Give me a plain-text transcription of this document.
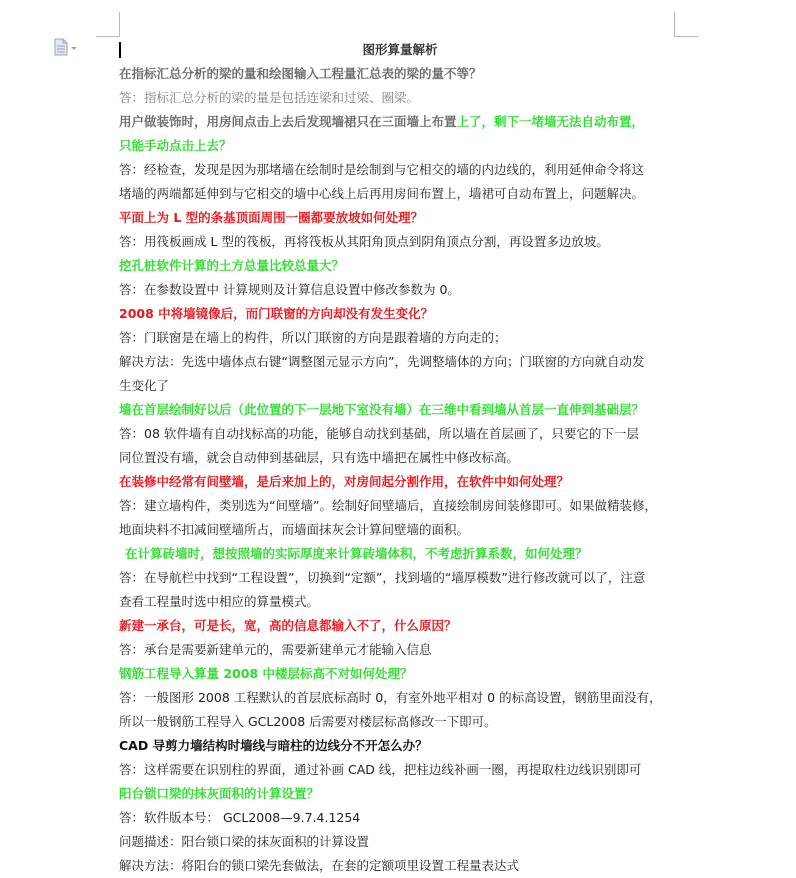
图形算量解析
在指标汇总分析的梁的量和绘图输入工程量汇总表的梁的量不等？
答：指标汇总分析的梁的量是包括连梁和过梁、圈梁。
用户做装饰时，用房间点击上去后发现墙裙只在三面墙上布置上了，剩下一堵墙无法自动布置，
只能手动点击上去？
答：经检查，发现是因为那堵墙在绘制时是绘制到与它相交的墙的内边线的，利用延伸命令将这
堵墙的两端都延伸到与它相交的墙中心线上后再用房间布置上，墙裙可自动布置上，问题解决。
平面上为 L 型的条基顶面周围一圈都要放坡如何处理？
答：用筏板画成 L 型的筏板，再将筏板从其阳角顶点到阴角顶点分割，再设置多边放坡。
挖孔桩软件计算的土方总量比较总量大？
答：在参数设置中 计算规则及计算信息设置中修改参数为 0。
2008 中将墙镜像后，而门联窗的方向却没有发生变化？
答：门联窗是在墙上的构件，所以门联窗的方向是跟着墙的方向走的；
解决方法：先选中墙体点右键“调整图元显示方向”，先调整墙体的方向；门联窗的方向就自动发
生变化了
墙在首层绘制好以后（此位置的下一层地下室没有墙）在三维中看到墙从首层一直伸到基础层？
答：08 软件墙有自动找标高的功能，能够自动找到基础，所以墙在首层画了，只要它的下一层
同位置没有墙，就会自动伸到基础层，只有选中墙把在属性中修改标高。
在装修中经常有间壁墙，是后来加上的，对房间起分割作用，在软件中如何处理？
答：建立墙构件，类别选为“间壁墙”。绘制好间壁墙后，直接绘制房间装修即可。如果做精装修，
地面块料不扣减间壁墙所占，而墙面抹灰会计算间壁墙的面积。
在计算砖墙时，想按照墙的实际厚度来计算砖墙体积，不考虑折算系数，如何处理？
答：在导航栏中找到“工程设置”，切换到“定额”，找到墙的“墙厚模数”进行修改就可以了，注意
查看工程量时选中相应的算量模式。
新建一承台，可是长，宽，高的信息都输入不了，什么原因？
答：承台是需要新建单元的，需要新建单元才能输入信息
钢筋工程导入算量 2008 中楼层标高不对如何处理？
答：一般图形 2008 工程默认的首层底标高时 0，有室外地平相对 0 的标高设置，钢筋里面没有，
所以一般钢筋工程导入 GCL2008 后需要对楼层标高修改一下即可。
CAD 导剪力墙结构时墙线与暗柱的边线分不开怎么办？
答：这样需要在识别柱的界面，通过补画 CAD 线，把柱边线补画一圈，再提取柱边线识别即可
阳台锁口梁的抹灰面积的计算设置？
答：软件版本号： GCL2008—9.7.4.1254
问题描述：阳台锁口梁的抹灰面积的计算设置
解决方法：将阳台的锁口梁先套做法，在套的定额项里设置工程量表达式
